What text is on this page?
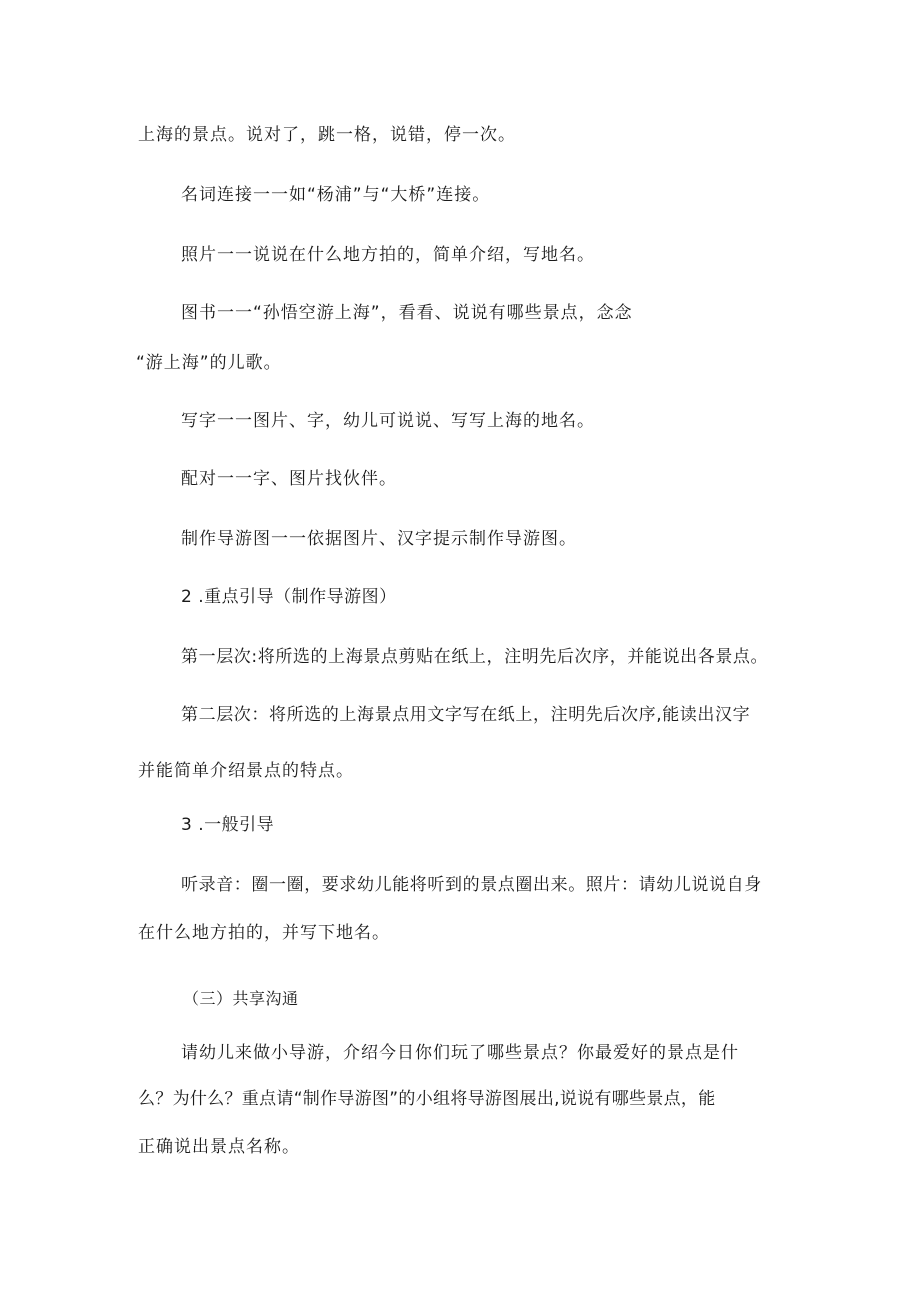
上海的景点。说对了，跳一格，说错，停一次。
名词连接一一如“杨浦”与“大桥”连接。
照片一一说说在什么地方拍的，简单介绍，写地名。
图书一一“孙悟空游上海”，看看、说说有哪些景点，念念
“游上海”的儿歌。
写字一一图片、字，幼儿可说说、写写上海的地名。
配对一一字、图片找伙伴。
制作导游图一一依据图片、汉字提示制作导游图。
2 .重点引导（制作导游图）
第一层次:将所选的上海景点剪贴在纸上，注明先后次序，并能说出各景点。
第二层次：将所选的上海景点用文字写在纸上，注明先后次序,能读出汉字
并能简单介绍景点的特点。
3 .一般引导
听录音：圈一圈，要求幼儿能将听到的景点圈出来。照片：请幼儿说说自身
在什么地方拍的，并写下地名。
（三）共享沟通
请幼儿来做小导游，介绍今日你们玩了哪些景点？你最爱好的景点是什
么？为什么？重点请“制作导游图”的小组将导游图展出,说说有哪些景点，能
正确说出景点名称。
